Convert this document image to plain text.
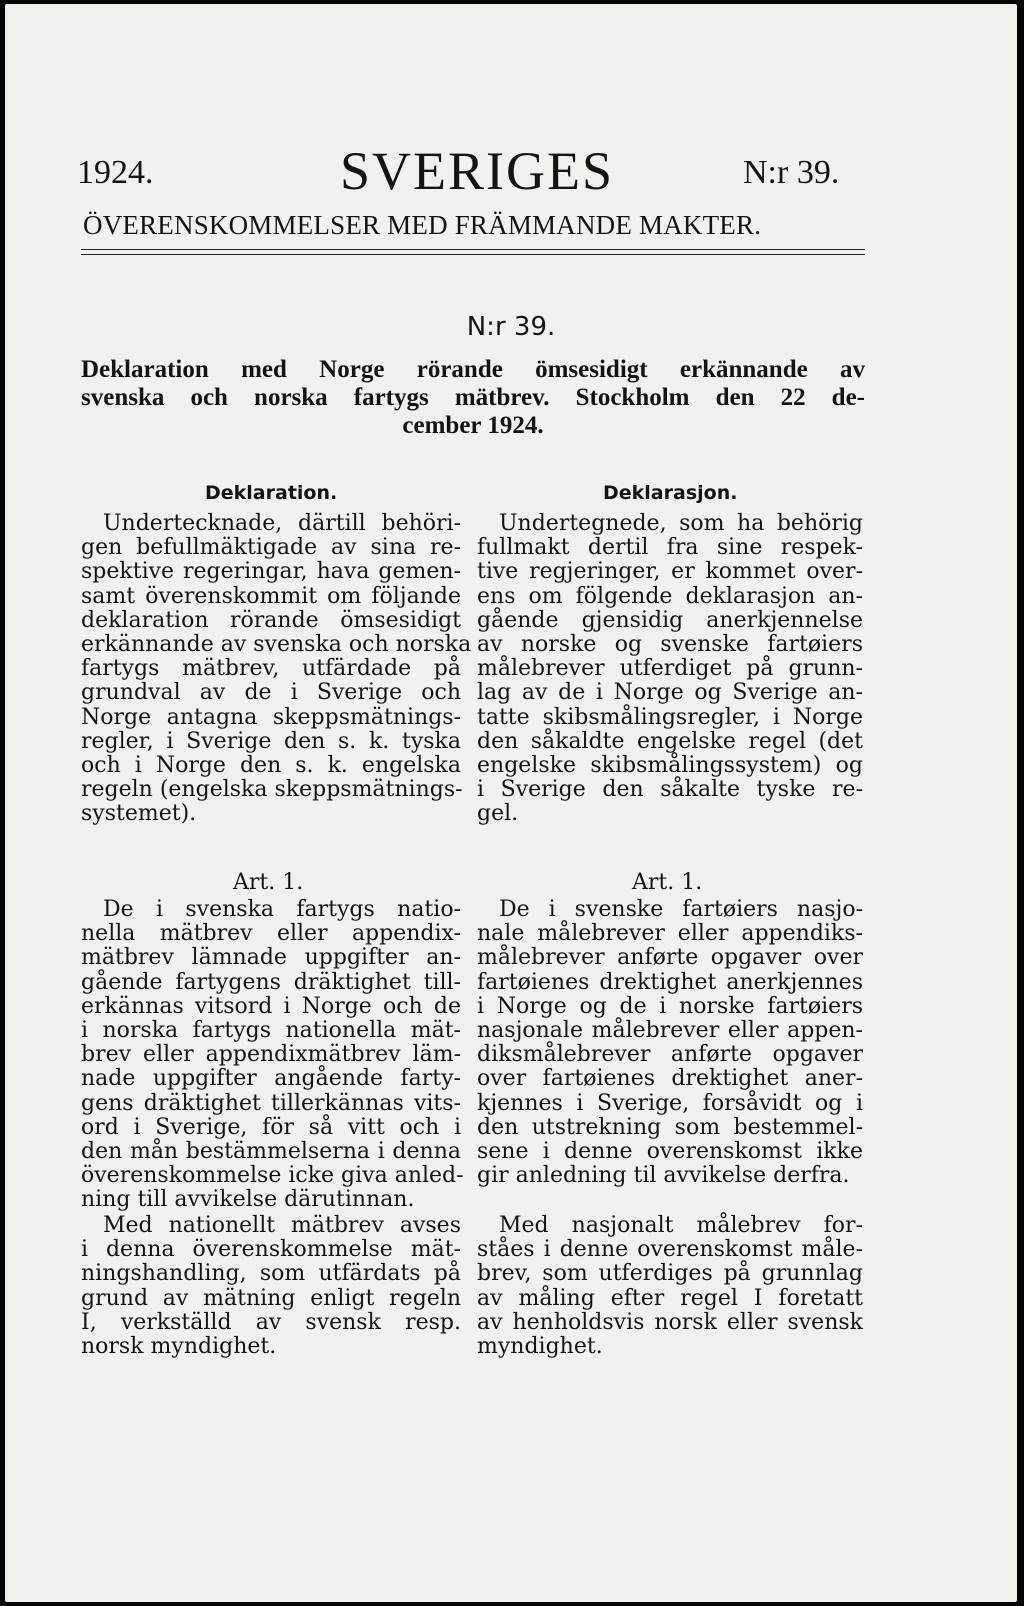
1924.	SVERIGES	N:r 39.
ÖVERENSKOMMELSER MED FRÄMMANDE MAKTER.
N:r 39.
Deklaration med Norge rörande ömsesidigt erkännande av
svenska och norska fartygs mätbrev. Stockholm den 22 de-
cember 1924.
Deklaration.
Undertecknade, därtill behöri-
gen befullmäktigade av sina re-
spektive regeringar, hava gemen-
samt överenskommit om följande
deklaration rörande ömsesidigt
erkännande av svenska och norska
fartygs mätbrev, utfärdade på
grundval av de i Sverige och
Norge antagna skeppsmätnings-
regler, i Sverige den s. k. tyska
och i Norge den s. k. engelska
regeln (engelska skeppsmätnings-
systemet).
Art. 1.
De i svenska fartygs natio-
nella mätbrev eller appendix-
mätbrev lämnade uppgifter an-
gående fartygens dräktighet till-
erkännas vitsord i Norge och de
i norska fartygs nationella mät-
brev eller appendixmätbrev läm-
nade uppgifter angående farty-
gens dräktighet tillerkännas vits-
ord i Sverige, för så vitt och i
den mån bestämmelserna i denna
överenskommelse icke giva anled-
ning till avvikelse därutinnan.
Med nationellt mätbrev avses
i denna överenskommelse mät-
ningshandling, som utfärdats på
grund av mätning enligt regeln
I, verkställd av svensk resp.
norsk myndighet.
Deklarasjon.
Undertegnede, som ha behörig
fullmakt dertil fra sine respek-
tive regjeringer, er kommet over-
ens om fölgende deklarasjon an-
gående gjensidig anerkjennelse
av norske og svenske fartøiers
målebrever utferdiget på grunn-
lag av de i Norge og Sverige an-
tatte skibsmålingsregler, i Norge
den såkaldte engelske regel (det
engelske skibsmålingssystem) og
i Sverige den såkalte tyske re-
gel.
Art. 1.
De i svenske fartøiers nasjo-
nale målebrever eller appendiks-
målebrever anførte opgaver over
fartøienes drektighet anerkjennes
i Norge og de i norske fartøiers
nasjonale målebrever eller appen-
diksmålebrever anførte opgaver
over fartøienes drektighet aner-
kjennes i Sverige, forsåvidt og i
den utstrekning som bestemmel-
sene i denne overenskomst ikke
gir anledning til avvikelse derfra.
Med nasjonalt målebrev for-
ståes i denne overenskomst måle-
brev, som utferdiges på grunnlag
av måling efter regel I foretatt
av henholdsvis norsk eller svensk
myndighet.
